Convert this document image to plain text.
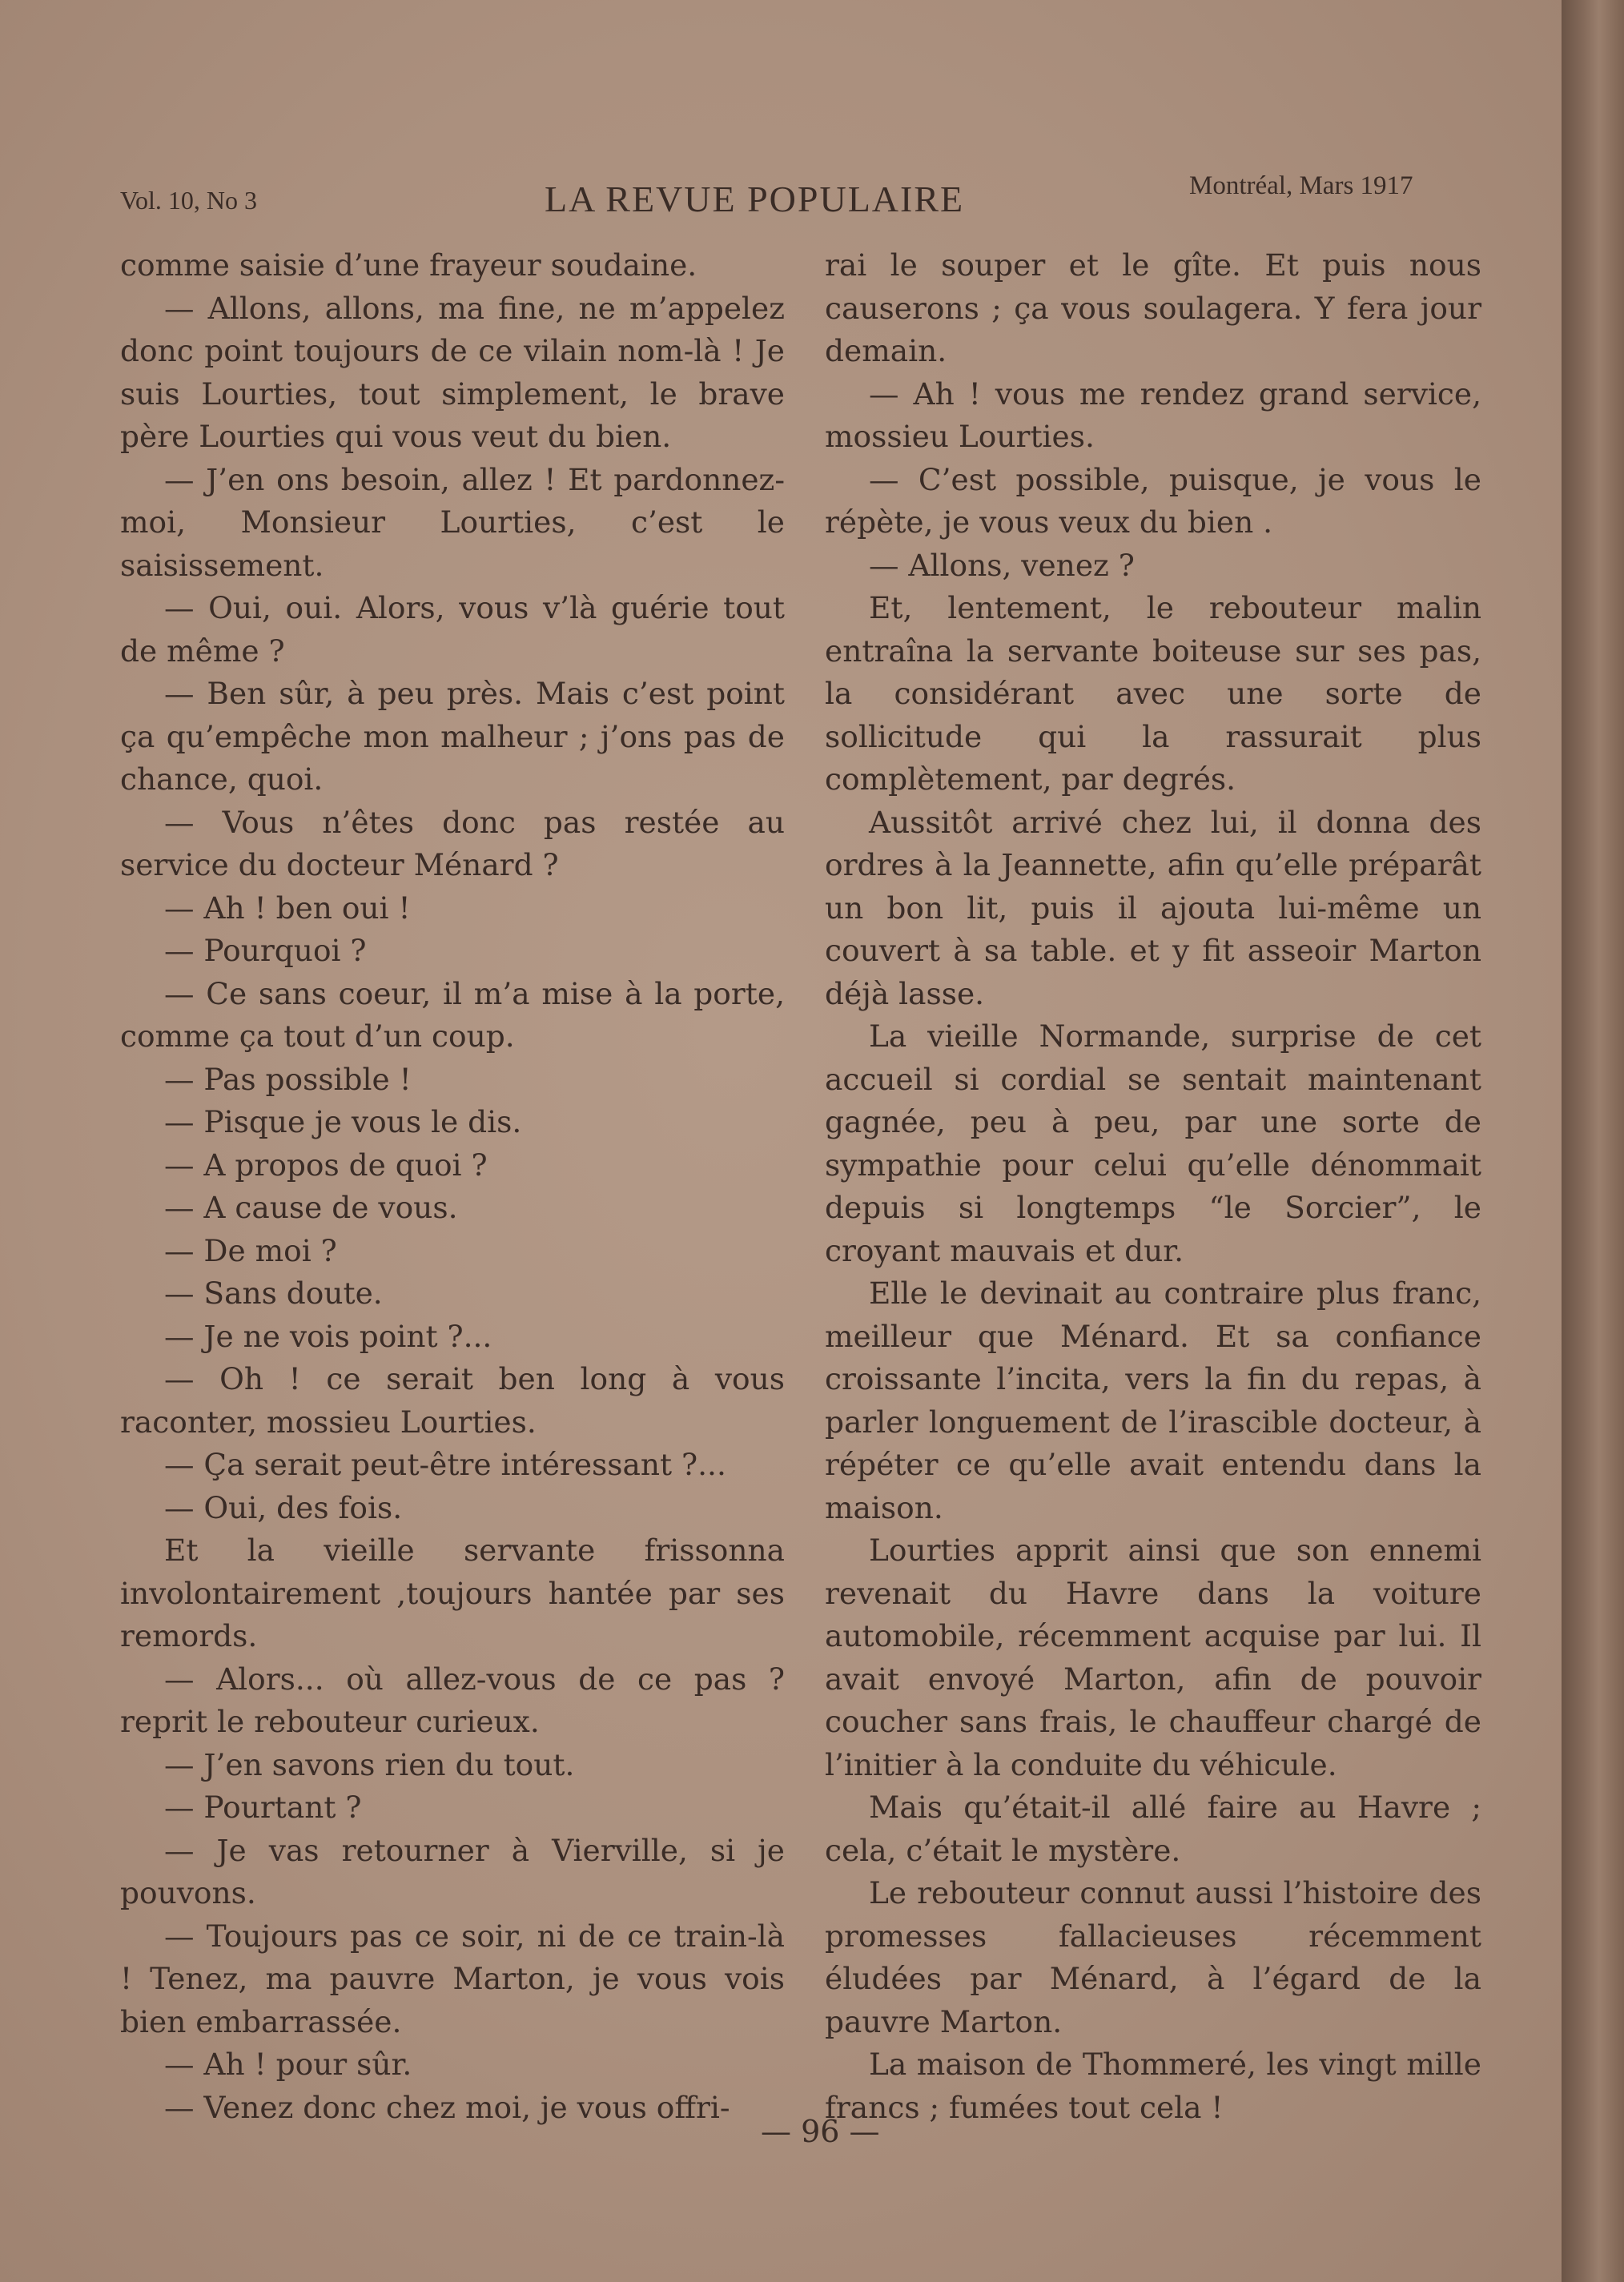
Vol. 10, No 3	LA REVUE POPULAIRE	Montréal, Mars 1917

comme saisie d’une frayeur soudaine.

— Allons, allons, ma fine, ne m’appelez donc point toujours de ce vilain nom-là ! Je suis Lourties, tout simplement, le brave père Lourties qui vous veut du bien.

— J’en ons besoin, allez ! Et pardonnez-moi, Monsieur Lourties, c’est le saisissement.

— Oui, oui. Alors, vous v’là guérie tout de même ?

— Ben sûr, à peu près. Mais c’est point ça qu’empêche mon malheur ; j’ons pas de chance, quoi.

— Vous n’êtes donc pas restée au service du docteur Ménard ?

— Ah ! ben oui !

— Pourquoi ?

— Ce sans coeur, il m’a mise à la porte, comme ça tout d’un coup.

— Pas possible !

— Pisque je vous le dis.

— A propos de quoi ?

— A cause de vous.

— De moi ?

— Sans doute.

— Je ne vois point ?...

— Oh ! ce serait ben long à vous raconter, mossieu Lourties.

— Ça serait peut-être intéressant ?...

— Oui, des fois.

Et la vieille servante frissonna involontairement ,toujours hantée par ses remords.

— Alors... où allez-vous de ce pas ? reprit le rebouteur curieux.

— J’en savons rien du tout.

— Pourtant ?

— Je vas retourner à Vierville, si je pouvons.

— Toujours pas ce soir, ni de ce train-là ! Tenez, ma pauvre Marton, je vous vois bien embarrassée.

— Ah ! pour sûr.

— Venez donc chez moi, je vous offri-

rai le souper et le gîte. Et puis nous causerons ; ça vous soulagera. Y fera jour demain.

— Ah ! vous me rendez grand service, mossieu Lourties.

— C’est possible, puisque, je vous le répète, je vous veux du bien .

— Allons, venez ?

Et, lentement, le rebouteur malin entraîna la servante boiteuse sur ses pas, la considérant avec une sorte de sollicitude qui la rassurait plus complètement, par degrés.

Aussitôt arrivé chez lui, il donna des ordres à la Jeannette, afin qu’elle préparât un bon lit, puis il ajouta lui-même un couvert à sa table. et y fit asseoir Marton déjà lasse.

La vieille Normande, surprise de cet accueil si cordial se sentait maintenant gagnée, peu à peu, par une sorte de sympathie pour celui qu’elle dénommait depuis si longtemps “le Sorcier”, le croyant mauvais et dur.

Elle le devinait au contraire plus franc, meilleur que Ménard. Et sa confiance croissante l’incita, vers la fin du repas, à parler longuement de l’irascible docteur, à répéter ce qu’elle avait entendu dans la maison.

Lourties apprit ainsi que son ennemi revenait du Havre dans la voiture automobile, récemment acquise par lui. Il avait envoyé Marton, afin de pouvoir coucher sans frais, le chauffeur chargé de l’initier à la conduite du véhicule.

Mais qu’était-il allé faire au Havre ; cela, c’était le mystère.

Le rebouteur connut aussi l’histoire des promesses fallacieuses récemment éludées par Ménard, à l’égard de la pauvre Marton.

La maison de Thommeré, les vingt mille francs ; fumées tout cela !

— 96 —
